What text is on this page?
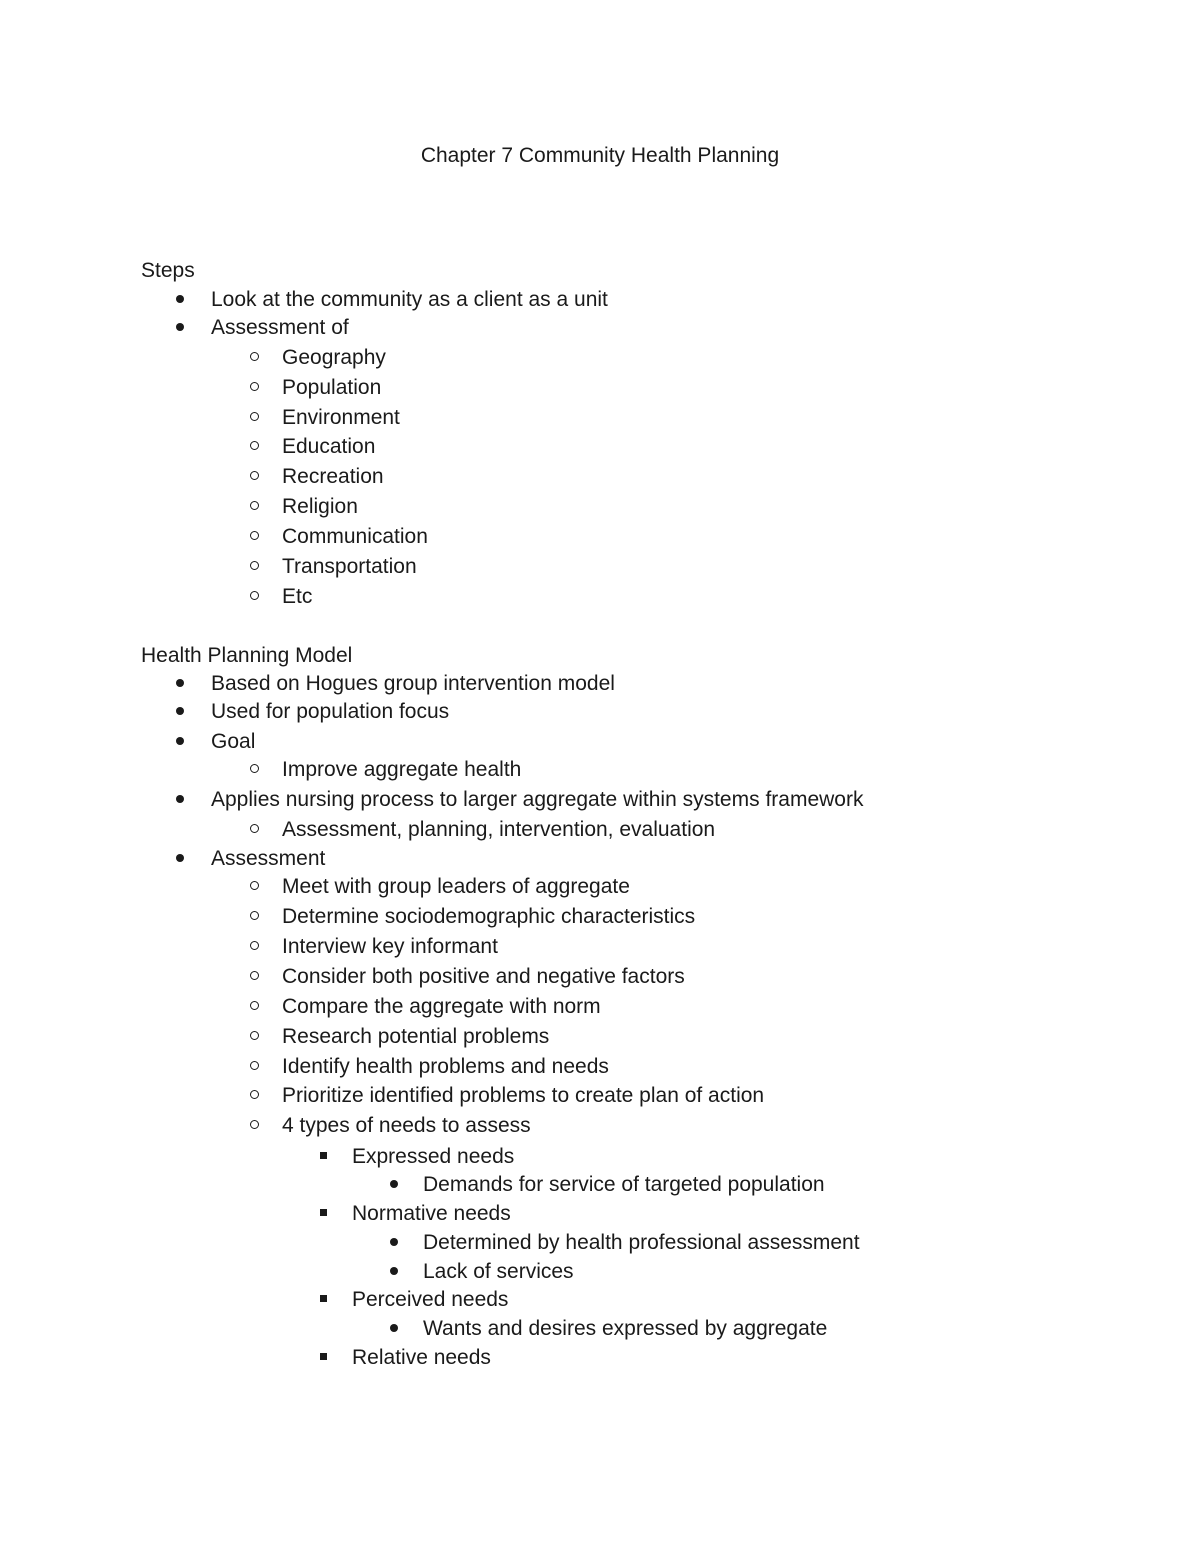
Chapter 7 Community Health Planning
Steps
Look at the community as a client as a unit
Assessment of
Geography
Population
Environment
Education
Recreation
Religion
Communication
Transportation
Etc
Health Planning Model
Based on Hogues group intervention model
Used for population focus
Goal
Improve aggregate health
Applies nursing process to larger aggregate within systems framework
Assessment, planning, intervention, evaluation
Assessment
Meet with group leaders of aggregate
Determine sociodemographic characteristics
Interview key informant
Consider both positive and negative factors
Compare the aggregate with norm
Research potential problems
Identify health problems and needs
Prioritize identified problems to create plan of action
4 types of needs to assess
Expressed needs
Demands for service of targeted population
Normative needs
Determined by health professional assessment
Lack of services
Perceived needs
Wants and desires expressed by aggregate
Relative needs
